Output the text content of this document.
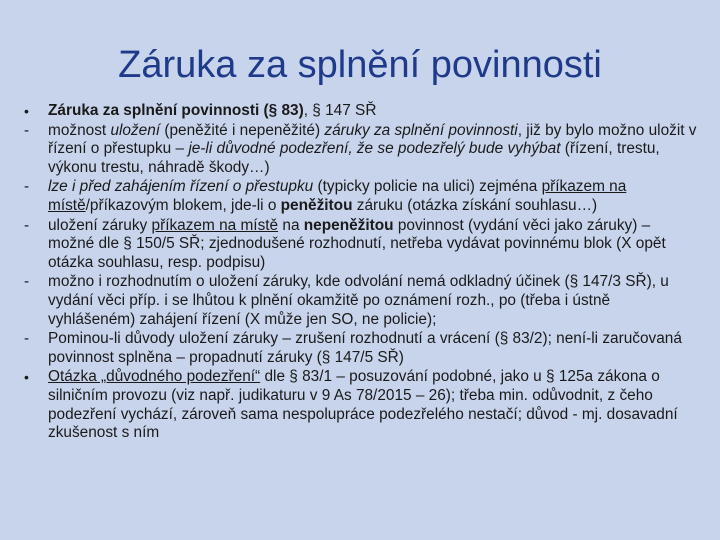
Záruka za splnění povinnosti
•	Záruka za splnění povinnosti (§ 83), § 147 SŘ
-	možnost uložení (peněžité i nepeněžité) záruky za splnění povinnosti, již by bylo možno uložit v řízení o přestupku – je-li důvodné podezření, že se podezřelý bude vyhýbat (řízení, trestu, výkonu trestu, náhradě škody…)
-	lze i před zahájením řízení o přestupku (typicky policie na ulici) zejména příkazem na místě/příkazovým blokem, jde-li o peněžitou záruku (otázka získání souhlasu…)
-	uložení záruky příkazem na místě na nepeněžitou povinnost (vydání věci jako záruky) – možné dle § 150/5 SŘ; zjednodušené rozhodnutí, netřeba vydávat povinnému blok (X opět otázka souhlasu, resp. podpisu)
-	možno i rozhodnutím o uložení záruky, kde odvolání nemá odkladný účinek (§ 147/3 SŘ), u vydání věci příp. i se lhůtou k plnění okamžitě po oznámení rozh., po (třeba i ústně vyhlášeném) zahájení řízení (X může jen SO, ne policie);
-	Pominou-li důvody uložení záruky – zrušení rozhodnutí a vrácení (§ 83/2); není-li zaručovaná povinnost splněna – propadnutí záruky (§ 147/5 SŘ)
•	Otázka „důvodného podezření“ dle § 83/1 – posuzování podobné, jako u § 125a zákona o silničním provozu (viz např. judikaturu v 9 As 78/2015 – 26); třeba min. odůvodnit, z čeho podezření vychází, zároveň sama nespolupráce podezřelého nestačí; důvod - mj. dosavadní zkušenost s ním
